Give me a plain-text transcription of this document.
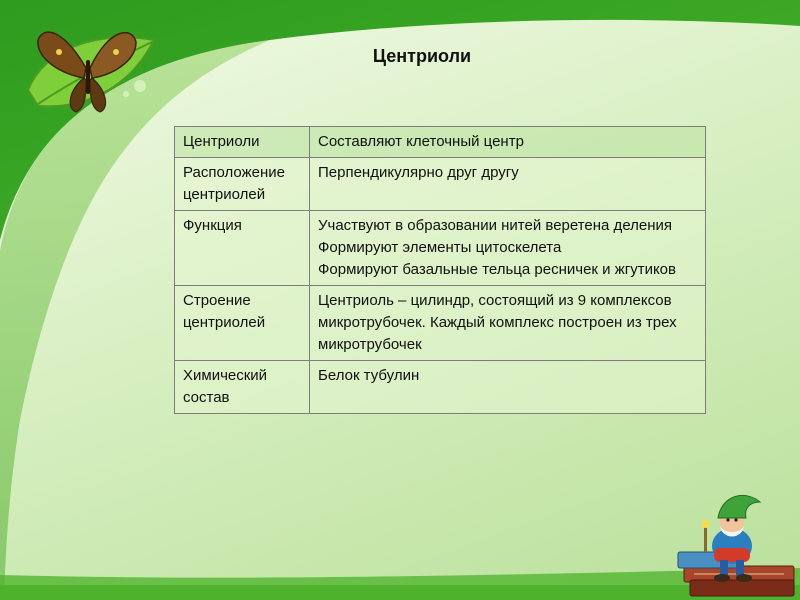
Центриоли
Центриоли	Составляют клеточный центр

Расположение центриолей	Перпендикулярно друг другу

Функция	Участвуют в образовании нитей веретена деления
Формируют элементы цитоскелета
Формируют базальные тельца ресничек и жгутиков

Строение центриолей	Центриоль – цилиндр, состоящий из 9 комплексов микротрубочек. Каждый комплекс построен из трех микротрубочек

Химический состав	Белок тубулин
